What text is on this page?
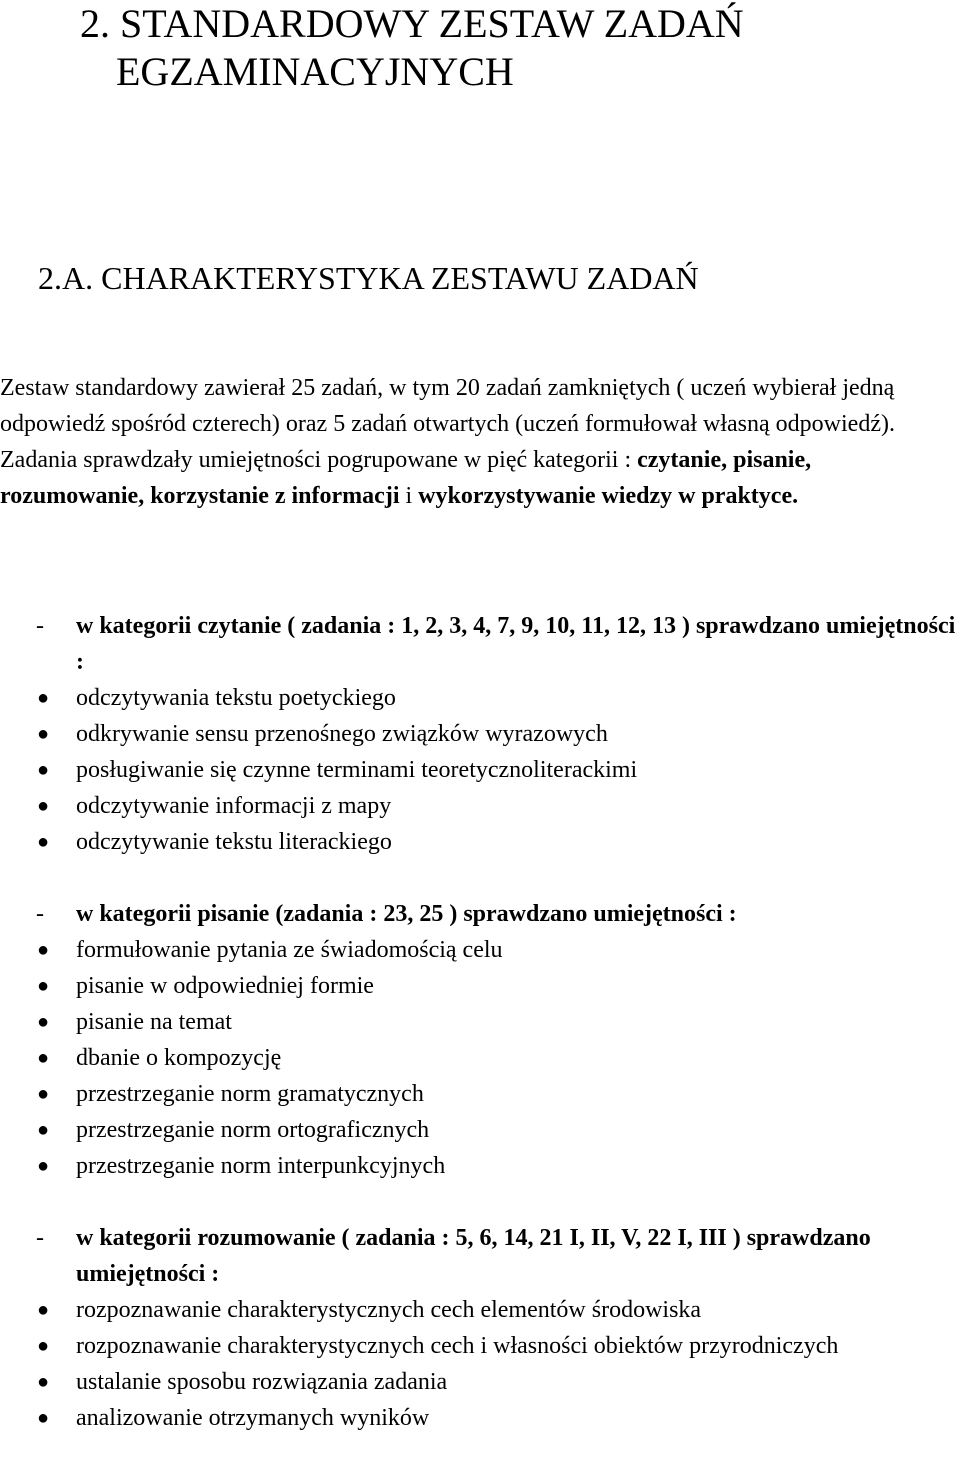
2. STANDARDOWY ZESTAW ZADAŃ
EGZAMINACYJNYCH
2.A. CHARAKTERYSTYKA ZESTAWU ZADAŃ

Zestaw standardowy zawierał 25 zadań, w tym 20 zadań zamkniętych ( uczeń wybierał jedną odpowiedź spośród czterech) oraz 5 zadań otwartych (uczeń formułował własną odpowiedź).

Zadania sprawdzały umiejętności pogrupowane w pięć kategorii : czytanie, pisanie, rozumowanie, korzystanie z informacji i wykorzystywanie wiedzy w praktyce.

- w kategorii czytanie ( zadania : 1, 2, 3, 4, 7, 9, 10, 11, 12, 13 ) sprawdzano umiejętności :
● odczytywania tekstu poetyckiego
● odkrywanie sensu przenośnego związków wyrazowych
● posługiwanie się czynne terminami teoretycznoliterackimi
● odczytywanie informacji z mapy
● odczytywanie tekstu literackiego
- w kategorii pisanie (zadania : 23, 25 ) sprawdzano umiejętności :
● formułowanie pytania ze świadomością celu
● pisanie w odpowiedniej formie
● pisanie na temat
● dbanie o kompozycję
● przestrzeganie norm gramatycznych
● przestrzeganie norm ortograficznych
● przestrzeganie norm interpunkcyjnych
- w kategorii rozumowanie ( zadania : 5, 6, 14, 21 I, II, V, 22 I, III ) sprawdzano umiejętności :
● rozpoznawanie charakterystycznych cech elementów środowiska
● rozpoznawanie charakterystycznych cech i własności obiektów przyrodniczych
● ustalanie sposobu rozwiązania zadania
● analizowanie otrzymanych wyników
